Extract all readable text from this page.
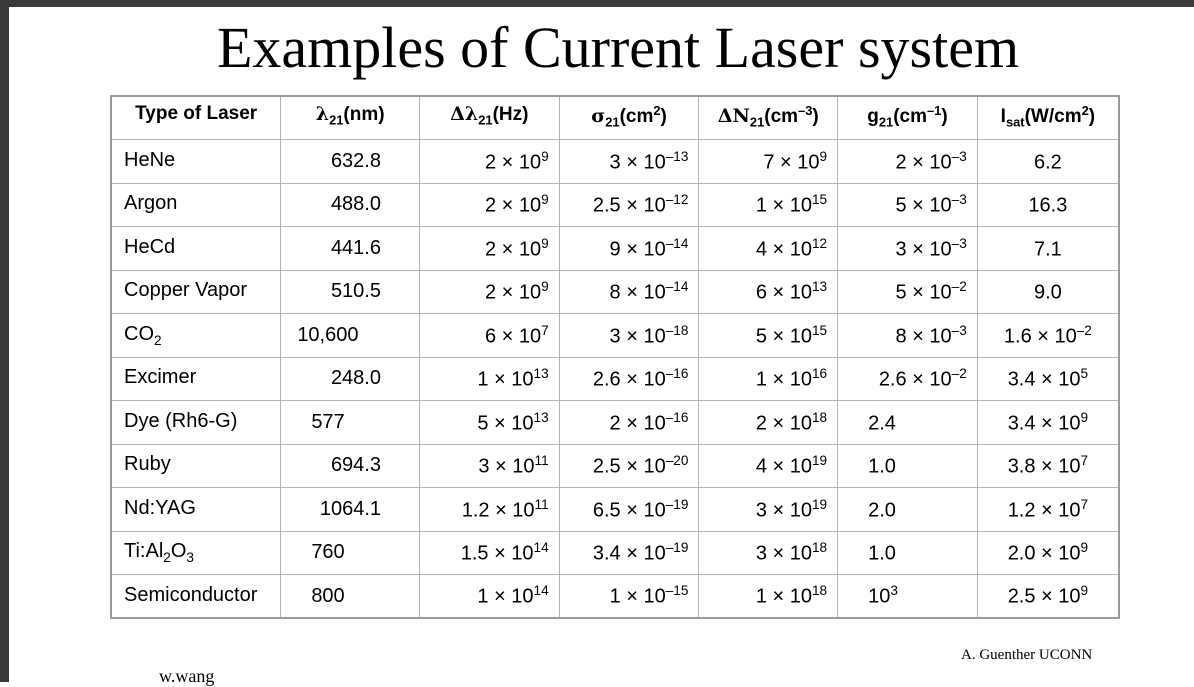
Examples of Current Laser system
Type of Laser	$\lambda_{21}(nm)$	$\Delta\lambda_{21}(Hz)$	$\sigma_{21}(cm^2)$	$\Delta N_{21}(cm^{-3})$	$g_{21}(cm^{-1})$	$I_{sat}(W/cm^2)$
HeNe	632.8	$2 \times 10^9$	$3 \times 10^{-13}$	$7 \times 10^9$	$2 \times 10^{-3}$	6.2
Argon	488.0	$2 \times 10^9$	$2.5 \times 10^{-12}$	$1 \times 10^{15}$	$5 \times 10^{-3}$	16.3
HeCd	441.6	$2 \times 10^9$	$9 \times 10^{-14}$	$4 \times 10^{12}$	$3 \times 10^{-3}$	7.1
Copper Vapor	510.5	$2 \times 10^9$	$8 \times 10^{-14}$	$6 \times 10^{13}$	$5 \times 10^{-2}$	9.0
$CO_2$	10,600	$6 \times 10^7$	$3 \times 10^{-18}$	$5 \times 10^{15}$	$8 \times 10^{-3}$	$1.6 \times 10^{-2}$
Excimer	248.0	$1 \times 10^{13}$	$2.6 \times 10^{-16}$	$1 \times 10^{16}$	$2.6 \times 10^{-2}$	$3.4 \times 10^5$
Dye (Rh6-G)	577	$5 \times 10^{13}$	$2 \times 10^{-16}$	$2 \times 10^{18}$	2.4	$3.4 \times 10^9$
Ruby	694.3	$3 \times 10^{11}$	$2.5 \times 10^{-20}$	$4 \times 10^{19}$	1.0	$3.8 \times 10^7$
Nd:YAG	1064.1	$1.2 \times 10^{11}$	$6.5 \times 10^{-19}$	$3 \times 10^{19}$	2.0	$1.2 \times 10^7$
$Ti:Al_2O_3$	760	$1.5 \times 10^{14}$	$3.4 \times 10^{-19}$	$3 \times 10^{18}$	1.0	$2.0 \times 10^9$
Semiconductor	800	$1 \times 10^{14}$	$1 \times 10^{-15}$	$1 \times 10^{18}$	$10^3$	$2.5 \times 10^9$
A. Guenther UCONN
w.wang
